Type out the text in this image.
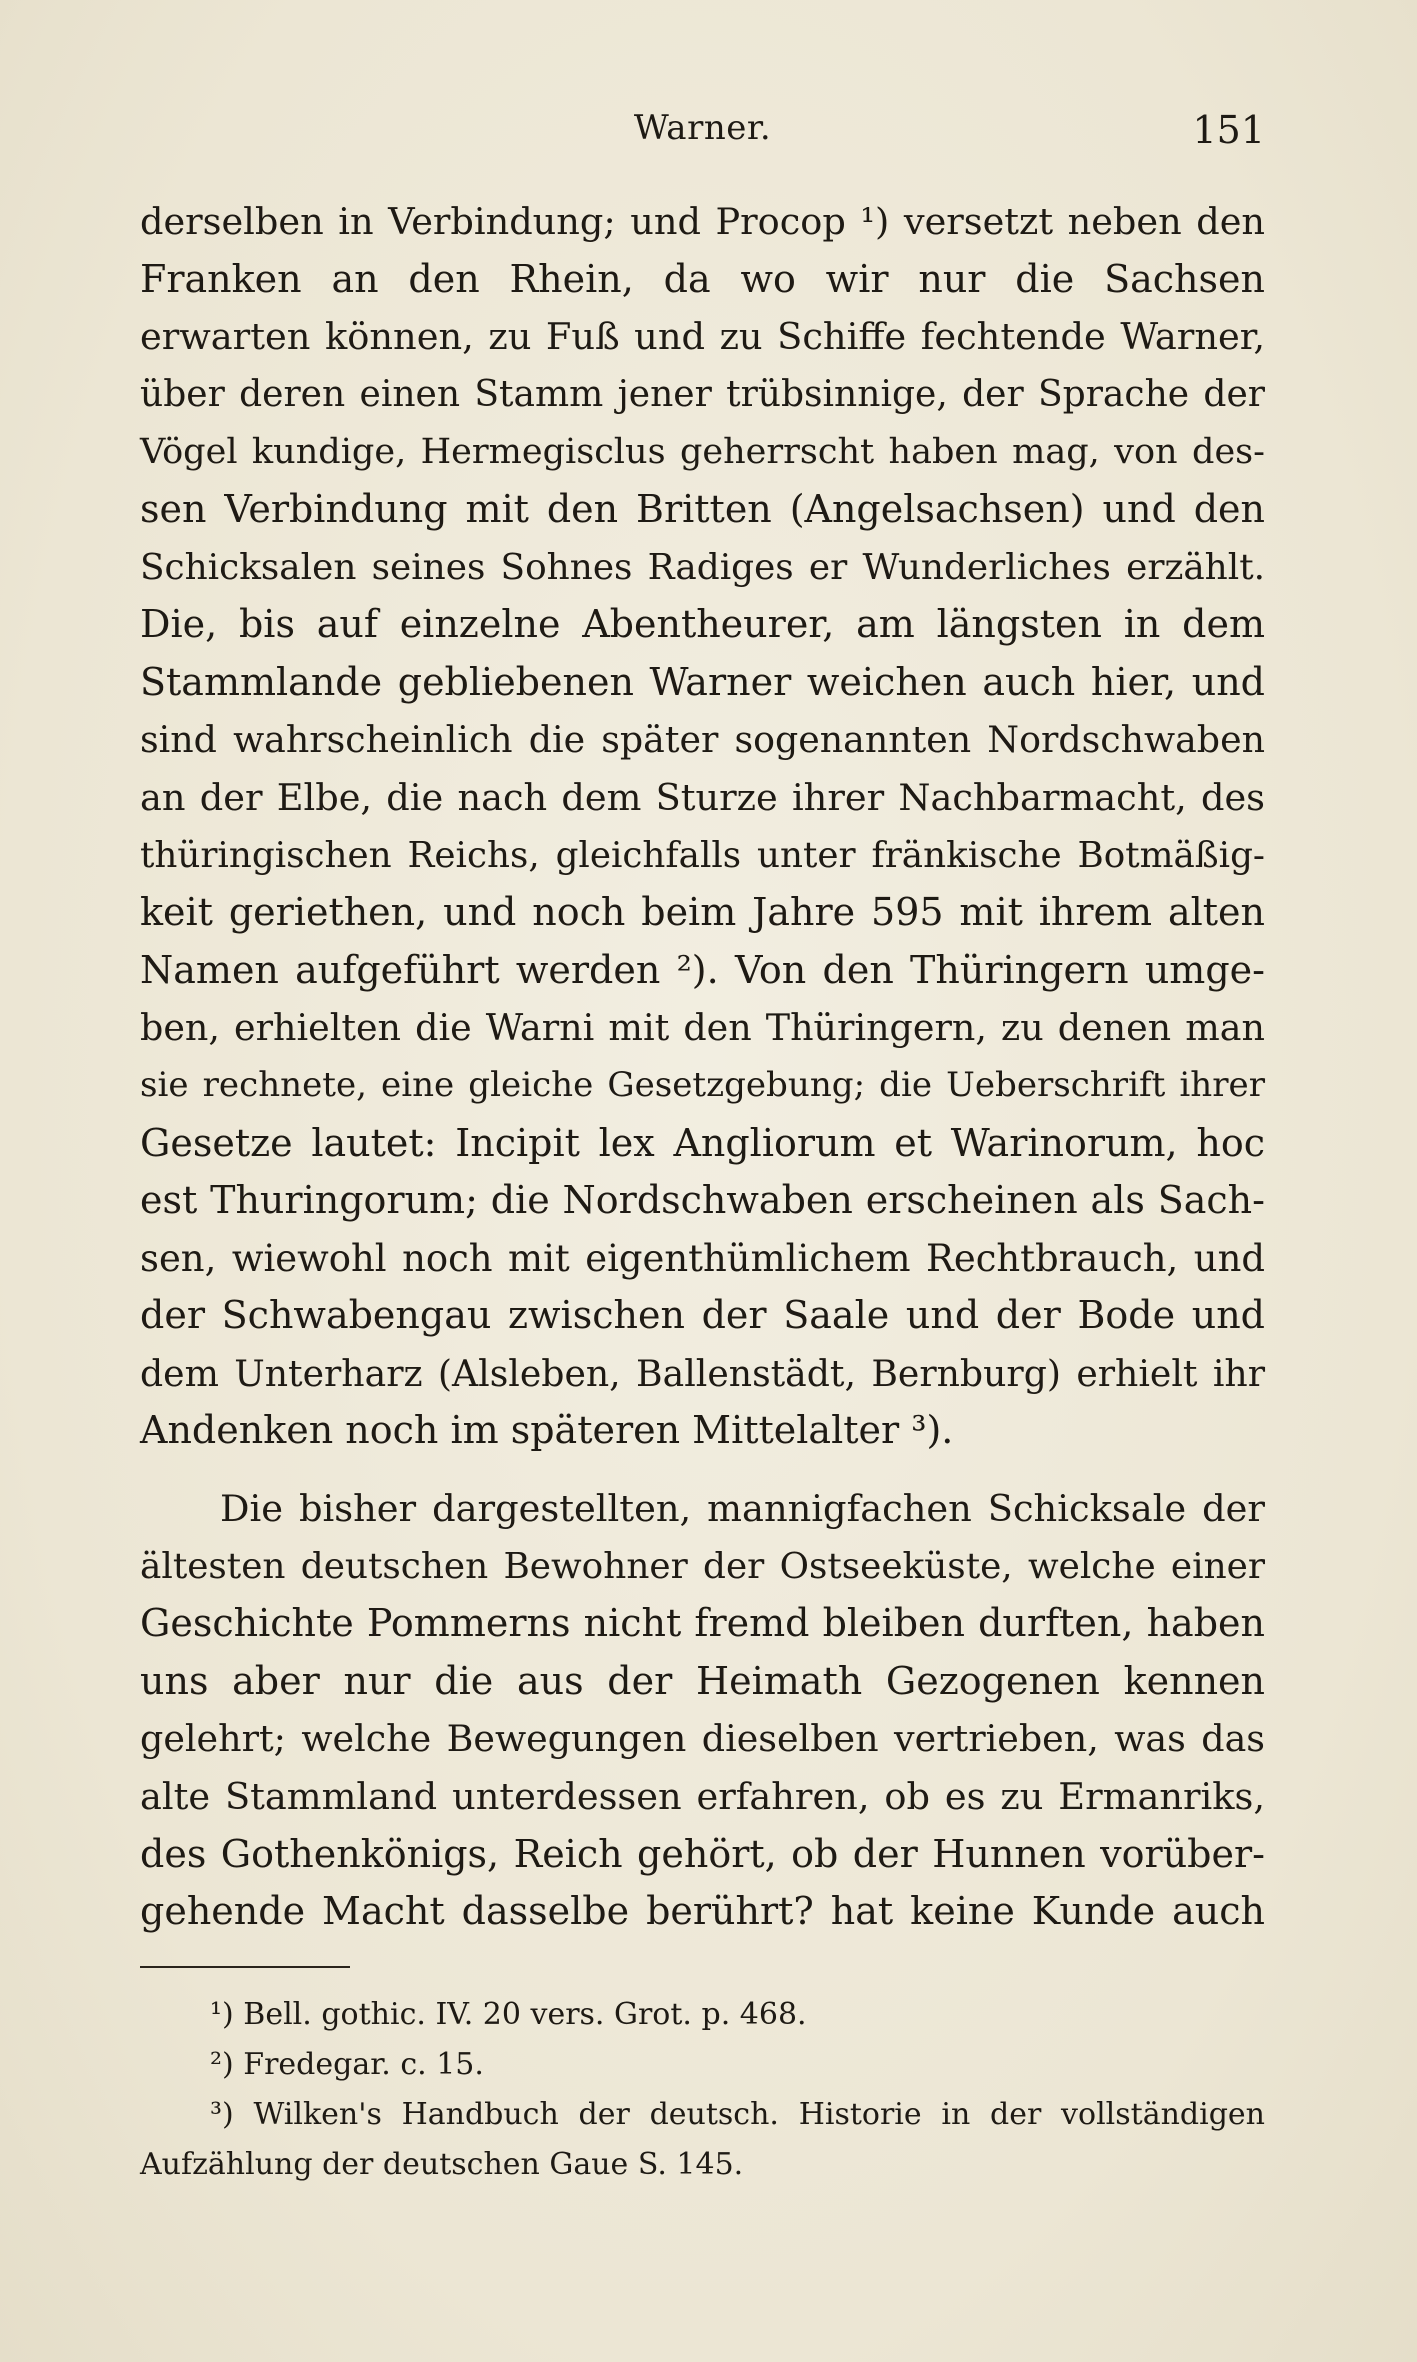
Warner.	151
derselben in Verbindung; und Procop ¹) versetzt neben den
Franken an den Rhein, da wo wir nur die Sachsen
erwarten können, zu Fuß und zu Schiffe fechtende Warner,
über deren einen Stamm jener trübsinnige, der Sprache der
Vögel kundige, Hermegisclus geherrscht haben mag, von des-
sen Verbindung mit den Britten (Angelsachsen) und den
Schicksalen seines Sohnes Radiges er Wunderliches erzählt.
Die, bis auf einzelne Abentheurer, am längsten in dem
Stammlande gebliebenen Warner weichen auch hier, und
sind wahrscheinlich die später sogenannten Nordschwaben
an der Elbe, die nach dem Sturze ihrer Nachbarmacht, des
thüringischen Reichs, gleichfalls unter fränkische Botmäßig-
keit geriethen, und noch beim Jahre 595 mit ihrem alten
Namen aufgeführt werden ²). Von den Thüringern umge-
ben, erhielten die Warni mit den Thüringern, zu denen man
sie rechnete, eine gleiche Gesetzgebung; die Ueberschrift ihrer
Gesetze lautet: Incipit lex Angliorum et Warinorum, hoc
est Thuringorum; die Nordschwaben erscheinen als Sach-
sen, wiewohl noch mit eigenthümlichem Rechtbrauch, und
der Schwabengau zwischen der Saale und der Bode und
dem Unterharz (Alsleben, Ballenstädt, Bernburg) erhielt ihr
Andenken noch im späteren Mittelalter ³).
Die bisher dargestellten, mannigfachen Schicksale der
ältesten deutschen Bewohner der Ostseeküste, welche einer
Geschichte Pommerns nicht fremd bleiben durften, haben
uns aber nur die aus der Heimath Gezogenen kennen
gelehrt; welche Bewegungen dieselben vertrieben, was das
alte Stammland unterdessen erfahren, ob es zu Ermanriks,
des Gothenkönigs, Reich gehört, ob der Hunnen vorüber-
gehende Macht dasselbe berührt? hat keine Kunde auch
¹) Bell. gothic. IV. 20 vers. Grot. p. 468.
²) Fredegar. c. 15.
³) Wilken's Handbuch der deutsch. Historie in der vollständigen
Aufzählung der deutschen Gaue S. 145.
